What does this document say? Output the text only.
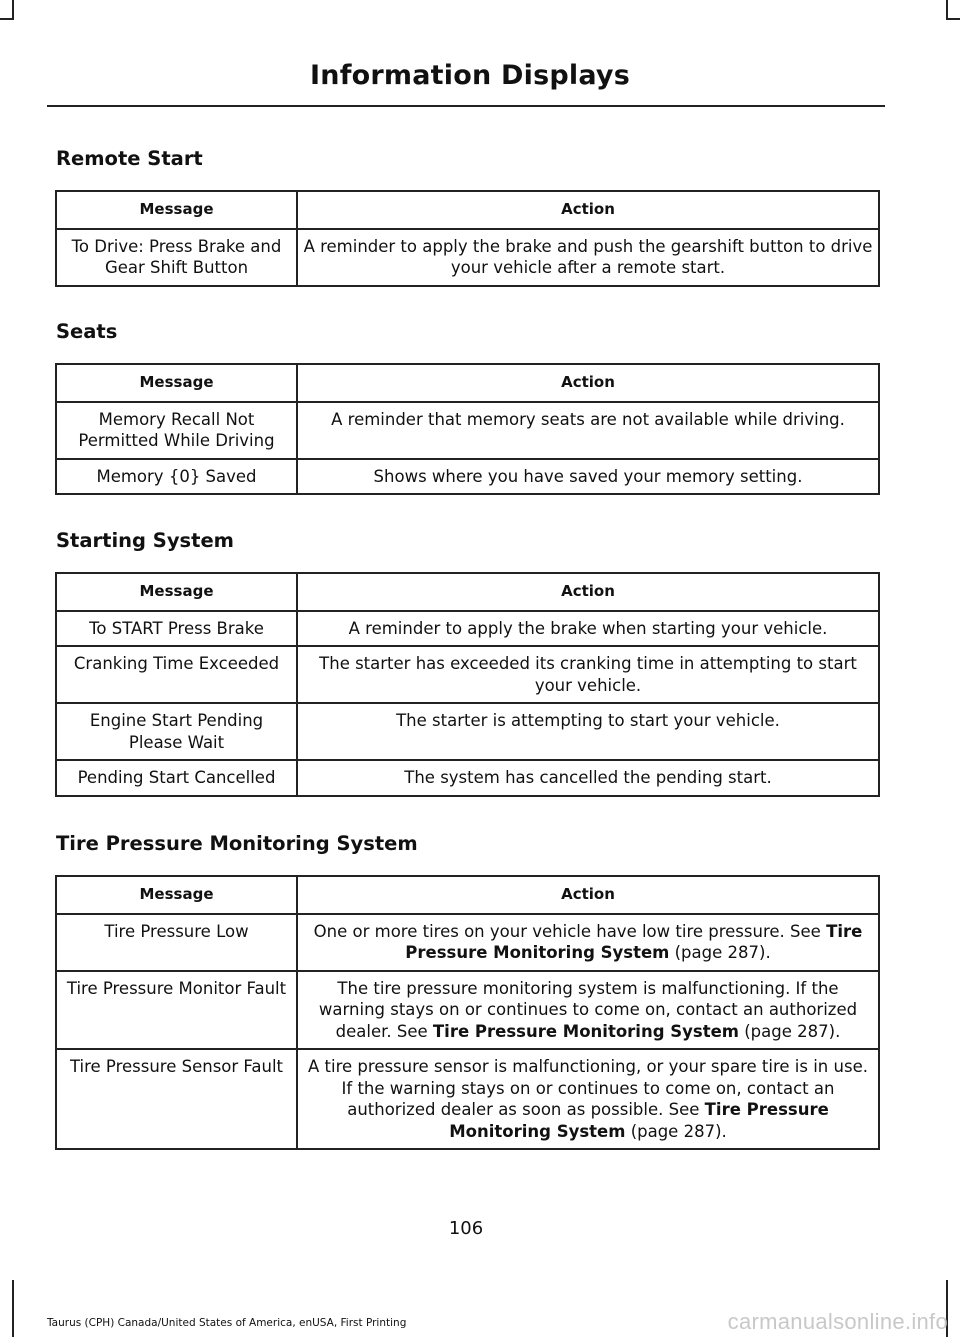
Information Displays
Remote Start
Message	Action
To Drive: Press Brake and Gear Shift Button	A reminder to apply the brake and push the gearshift button to drive your vehicle after a remote start.
Seats
Message	Action
Memory Recall Not Permitted While Driving	A reminder that memory seats are not available while driving.
Memory {0} Saved	Shows where you have saved your memory setting.
Starting System
Message	Action
To START Press Brake	A reminder to apply the brake when starting your vehicle.
Cranking Time Exceeded	The starter has exceeded its cranking time in attempting to start your vehicle.
Engine Start Pending Please Wait	The starter is attempting to start your vehicle.
Pending Start Cancelled	The system has cancelled the pending start.
Tire Pressure Monitoring System
Message	Action
Tire Pressure Low	One or more tires on your vehicle have low tire pressure. See Tire Pressure Monitoring System (page 287).
Tire Pressure Monitor Fault	The tire pressure monitoring system is malfunctioning. If the warning stays on or continues to come on, contact an authorized dealer. See Tire Pressure Monitoring System (page 287).
Tire Pressure Sensor Fault	A tire pressure sensor is malfunctioning, or your spare tire is in use. If the warning stays on or continues to come on, contact an authorized dealer as soon as possible. See Tire Pressure Monitoring System (page 287).
106
Taurus (CPH) Canada/United States of America, enUSA, First Printing	carmanualsonline.info
